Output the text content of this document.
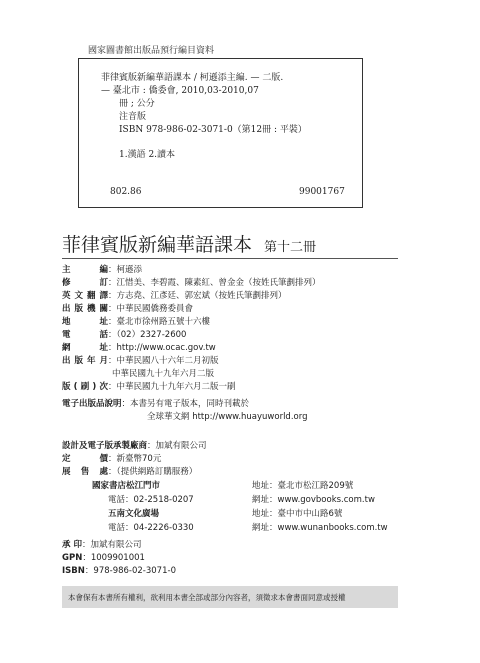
國家圖書館出版品預行編目資料
菲律賓版新編華語課本 / 柯遜添主編. — 二版.
— 臺北市 : 僑委會, 2010,03-2010,07
冊 ; 公分
注音版
ISBN 978-986-02-3071-0（第12冊 : 平裝）
1.漢語 2.讀本
802.86	99001767
菲律賓版新編華語課本 第十二冊
主　編：柯遜添
修　訂：江惜美、李碧霞、陳素紅、曾金金（按姓氏筆劃排列）
英文翻譯：方志堯、江彥廷、郭宏斌（按姓氏筆劃排列）
出版機關：中華民國僑務委員會
地　址：臺北市徐州路五號十六樓
電　話：（02）2327-2600
網　址：http://www.ocac.gov.tw
出版年月：中華民國八十六年二月初版
中華民國九十九年六月二版
版(刷)次：中華民國九十九年六月二版一刷
電子出版品說明：本書另有電子版本，同時刊載於
全球華文網 http://www.huayuworld.org
設計及電子版承製廠商：加斌有限公司
定　價：新臺幣70元
展 售 處：（提供網路訂購服務）
國家書店松江門市	地址：臺北市松江路209號
電話：02-2518-0207	網址：www.govbooks.com.tw
五南文化廣場	地址：臺中市中山路6號
電話：04-2226-0330	網址：www.wunanbooks.com.tw
承 印：加斌有限公司
GPN：1009901001
ISBN：978-986-02-3071-0
本會保有本書所有權利，欲利用本書全部或部分內容者，須徵求本會書面同意或授權
